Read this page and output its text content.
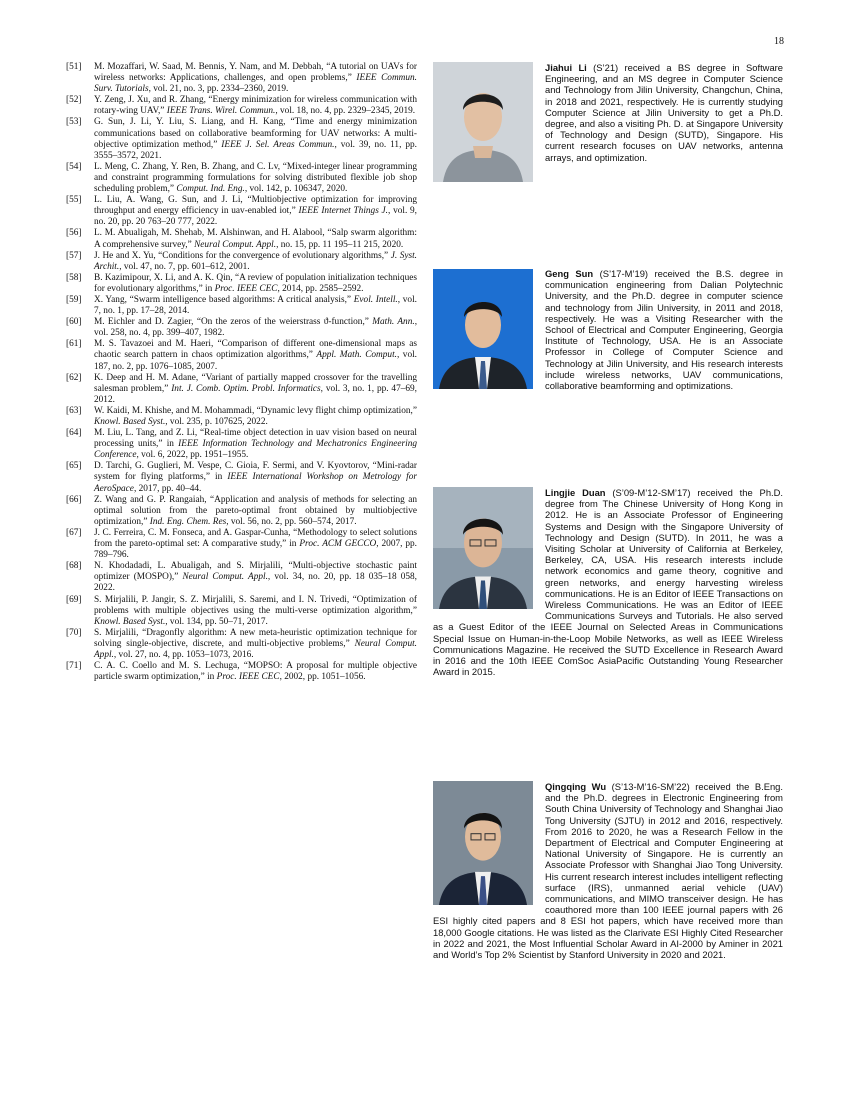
18

[51] M. Mozaffari, W. Saad, M. Bennis, Y. Nam, and M. Debbah, “A tutorial on UAVs for wireless networks: Applications, challenges, and open problems,” IEEE Commun. Surv. Tutorials, vol. 21, no. 3, pp. 2334–2360, 2019.

[52] Y. Zeng, J. Xu, and R. Zhang, “Energy minimization for wireless communication with rotary-wing UAV,” IEEE Trans. Wirel. Commun., vol. 18, no. 4, pp. 2329–2345, 2019.

[53] G. Sun, J. Li, Y. Liu, S. Liang, and H. Kang, “Time and energy minimization communications based on collaborative beamforming for UAV networks: A multi-objective optimization method,” IEEE J. Sel. Areas Commun., vol. 39, no. 11, pp. 3555–3572, 2021.

[54] L. Meng, C. Zhang, Y. Ren, B. Zhang, and C. Lv, “Mixed-integer linear programming and constraint programming formulations for solving distributed flexible job shop scheduling problem,” Comput. Ind. Eng., vol. 142, p. 106347, 2020.

[55] L. Liu, A. Wang, G. Sun, and J. Li, “Multiobjective optimization for improving throughput and energy efficiency in uav-enabled iot,” IEEE Internet Things J., vol. 9, no. 20, pp. 20 763–20 777, 2022.

[56] L. M. Abualigah, M. Shehab, M. Alshinwan, and H. Alabool, “Salp swarm algorithm: A comprehensive survey,” Neural Comput. Appl., no. 15, pp. 11 195–11 215, 2020.

[57] J. He and X. Yu, “Conditions for the convergence of evolutionary algorithms,” J. Syst. Archit., vol. 47, no. 7, pp. 601–612, 2001.

[58] B. Kazimipour, X. Li, and A. K. Qin, “A review of population initialization techniques for evolutionary algorithms,” in Proc. IEEE CEC, 2014, pp. 2585–2592.

[59] X. Yang, “Swarm intelligence based algorithms: A critical analysis,” Evol. Intell., vol. 7, no. 1, pp. 17–28, 2014.

[60] M. Eichler and D. Zagier, “On the zeros of the weierstrass ϑ-function,” Math. Ann., vol. 258, no. 4, pp. 399–407, 1982.

[61] M. S. Tavazoei and M. Haeri, “Comparison of different one-dimensional maps as chaotic search pattern in chaos optimization algorithms,” Appl. Math. Comput., vol. 187, no. 2, pp. 1076–1085, 2007.

[62] K. Deep and H. M. Adane, “Variant of partially mapped crossover for the travelling salesman problem,” Int. J. Comb. Optim. Probl. Informatics, vol. 3, no. 1, pp. 47–69, 2012.

[63] W. Kaidi, M. Khishe, and M. Mohammadi, “Dynamic levy flight chimp optimization,” Knowl. Based Syst., vol. 235, p. 107625, 2022.

[64] M. Liu, L. Tang, and Z. Li, “Real-time object detection in uav vision based on neural processing units,” in IEEE Information Technology and Mechatronics Engineering Conference, vol. 6, 2022, pp. 1951–1955.

[65] D. Tarchi, G. Guglieri, M. Vespe, C. Gioia, F. Sermi, and V. Kyovtorov, “Mini-radar system for flying platforms,” in IEEE International Workshop on Metrology for AeroSpace, 2017, pp. 40–44.

[66] Z. Wang and G. P. Rangaiah, “Application and analysis of methods for selecting an optimal solution from the pareto-optimal front obtained by multiobjective optimization,” Ind. Eng. Chem. Res, vol. 56, no. 2, pp. 560–574, 2017.

[67] J. C. Ferreira, C. M. Fonseca, and A. Gaspar-Cunha, “Methodology to select solutions from the pareto-optimal set: A comparative study,” in Proc. ACM GECCO, 2007, pp. 789–796.

[68] N. Khodadadi, L. Abualigah, and S. Mirjalili, “Multi-objective stochastic paint optimizer (MOSPO),” Neural Comput. Appl., vol. 34, no. 20, pp. 18 035–18 058, 2022.

[69] S. Mirjalili, P. Jangir, S. Z. Mirjalili, S. Saremi, and I. N. Trivedi, “Optimization of problems with multiple objectives using the multi-verse optimization algorithm,” Knowl. Based Syst., vol. 134, pp. 50–71, 2017.

[70] S. Mirjalili, “Dragonfly algorithm: A new meta-heuristic optimization technique for solving single-objective, discrete, and multi-objective problems,” Neural Comput. Appl., vol. 27, no. 4, pp. 1053–1073, 2016.

[71] C. A. C. Coello and M. S. Lechuga, “MOPSO: A proposal for multiple objective particle swarm optimization,” in Proc. IEEE CEC, 2002, pp. 1051–1056.

Jiahui Li (S’21) received a BS degree in Software Engineering, and an MS degree in Computer Science and Technology from Jilin University, Changchun, China, in 2018 and 2021, respectively. He is currently studying Computer Science at Jilin University to get a Ph.D. degree, and also a visiting Ph. D. at Singapore University of Technology and Design (SUTD), Singapore. His current research focuses on UAV networks, antenna arrays, and optimization.
Geng Sun (S’17-M’19) received the B.S. degree in communication engineering from Dalian Polytechnic University, and the Ph.D. degree in computer science and technology from Jilin University, in 2011 and 2018, respectively. He was a Visiting Researcher with the School of Electrical and Computer Engineering, Georgia Institute of Technology, USA. He is an Associate Professor in College of Computer Science and Technology at Jilin University, and His research interests include wireless networks, UAV communications, collaborative beamforming and optimizations.
Lingjie Duan (S’09-M’12-SM’17) received the Ph.D. degree from The Chinese University of Hong Kong in 2012. He is an Associate Professor of Engineering Systems and Design with the Singapore University of Technology and Design (SUTD). In 2011, he was a Visiting Scholar at University of California at Berkeley, Berkeley, CA, USA. His research interests include network economics and game theory, cognitive and green networks, and energy harvesting wireless communications. He is an Editor of IEEE Transactions on Wireless Communications. He was an Editor of IEEE Communications Surveys and Tutorials. He also served as a Guest Editor of the IEEE Journal on Selected Areas in Communications Special Issue on Human-in-the-Loop Mobile Networks, as well as IEEE Wireless Communications Magazine. He received the SUTD Excellence in Research Award in 2016 and the 10th IEEE ComSoc AsiaPacific Outstanding Young Researcher Award in 2015.
Qingqing Wu (S’13-M’16-SM’22) received the B.Eng. and the Ph.D. degrees in Electronic Engineering from South China University of Technology and Shanghai Jiao Tong University (SJTU) in 2012 and 2016, respectively. From 2016 to 2020, he was a Research Fellow in the Department of Electrical and Computer Engineering at National University of Singapore. He is currently an Associate Professor with Shanghai Jiao Tong University. His current research interest includes intelligent reflecting surface (IRS), unmanned aerial vehicle (UAV) communications, and MIMO transceiver design. He has coauthored more than 100 IEEE journal papers with 26 ESI highly cited papers and 8 ESI hot papers, which have received more than 18,000 Google citations. He was listed as the Clarivate ESI Highly Cited Researcher in 2022 and 2021, the Most Influential Scholar Award in AI-2000 by Aminer in 2021 and World’s Top 2% Scientist by Stanford University in 2020 and 2021.
